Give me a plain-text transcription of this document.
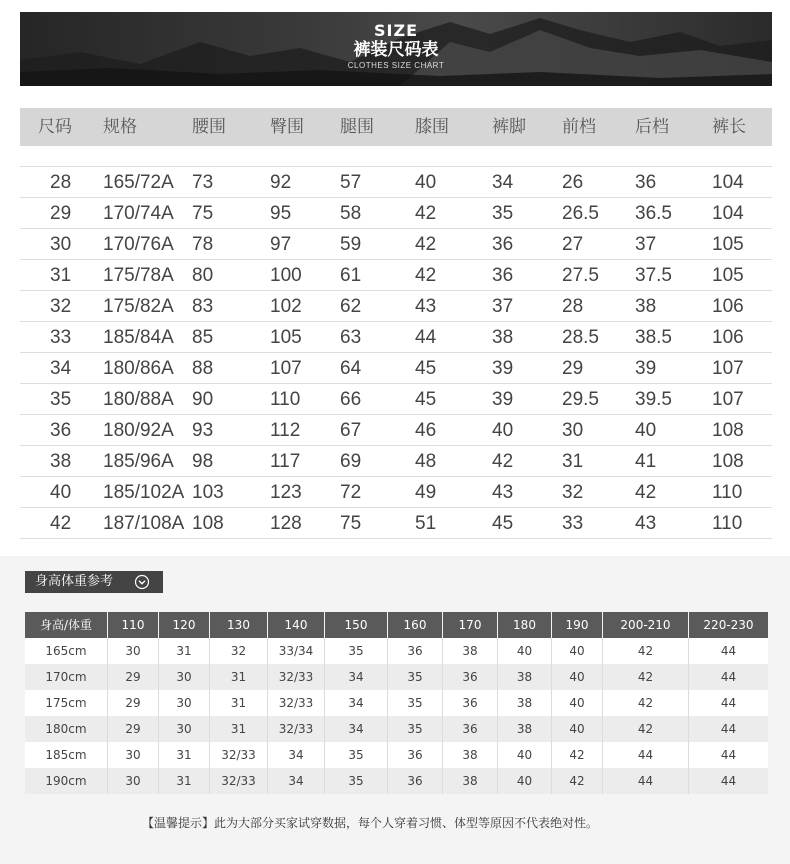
SIZE
裤装尺码表
CLOTHES SIZE CHART
尺码 规格	腰围	臀围 腿围 膝围	裤脚 前档 后档	裤长
28 165/72A 73	92	57	40	34	26	36	104
29 170/74A 75	95	58	42	35	26.5 36.5 104
30 170/76A 78	97	59	42	36	27	37	105
31 175/78A 80	100 61	42	36	27.5 37.5 105
32 175/82A 83	102 62	43	37	28	38	106
33 185/84A 85	105 63	44	38	28.5 38.5 106
34 180/86A 88	107 64	45	39	29	39	107
35 180/88A 90	110 66	45	39	29.5 39.5 107
36 180/92A 93	112 67	46	40	30	40	108
38 185/96A 98	117 69	48	42	31	41	108
40 185/102A 103 123 72	49	43	32	42	110
42 187/108A 108 128 75	51	45	33	43	110
身高体重参考
身高/体重	110	120	130	140	150	160	170	180	190	200-210	220-230
165cm	30	31	32	33/34	35	36	38	40	40	42	44
170cm	29	30	31	32/33	34	35	36	38	40	42	44
175cm	29	30	31	32/33	34	35	36	38	40	42	44
180cm	29	30	31	32/33	34	35	36	38	40	42	44
185cm	30	31	32/33	34	35	36	38	40	42	44	44
190cm	30	31	32/33	34	35	36	38	40	42	44	44
【温馨提示】此为大部分买家试穿数据，每个人穿着习惯、体型等原因不代表绝对性。
